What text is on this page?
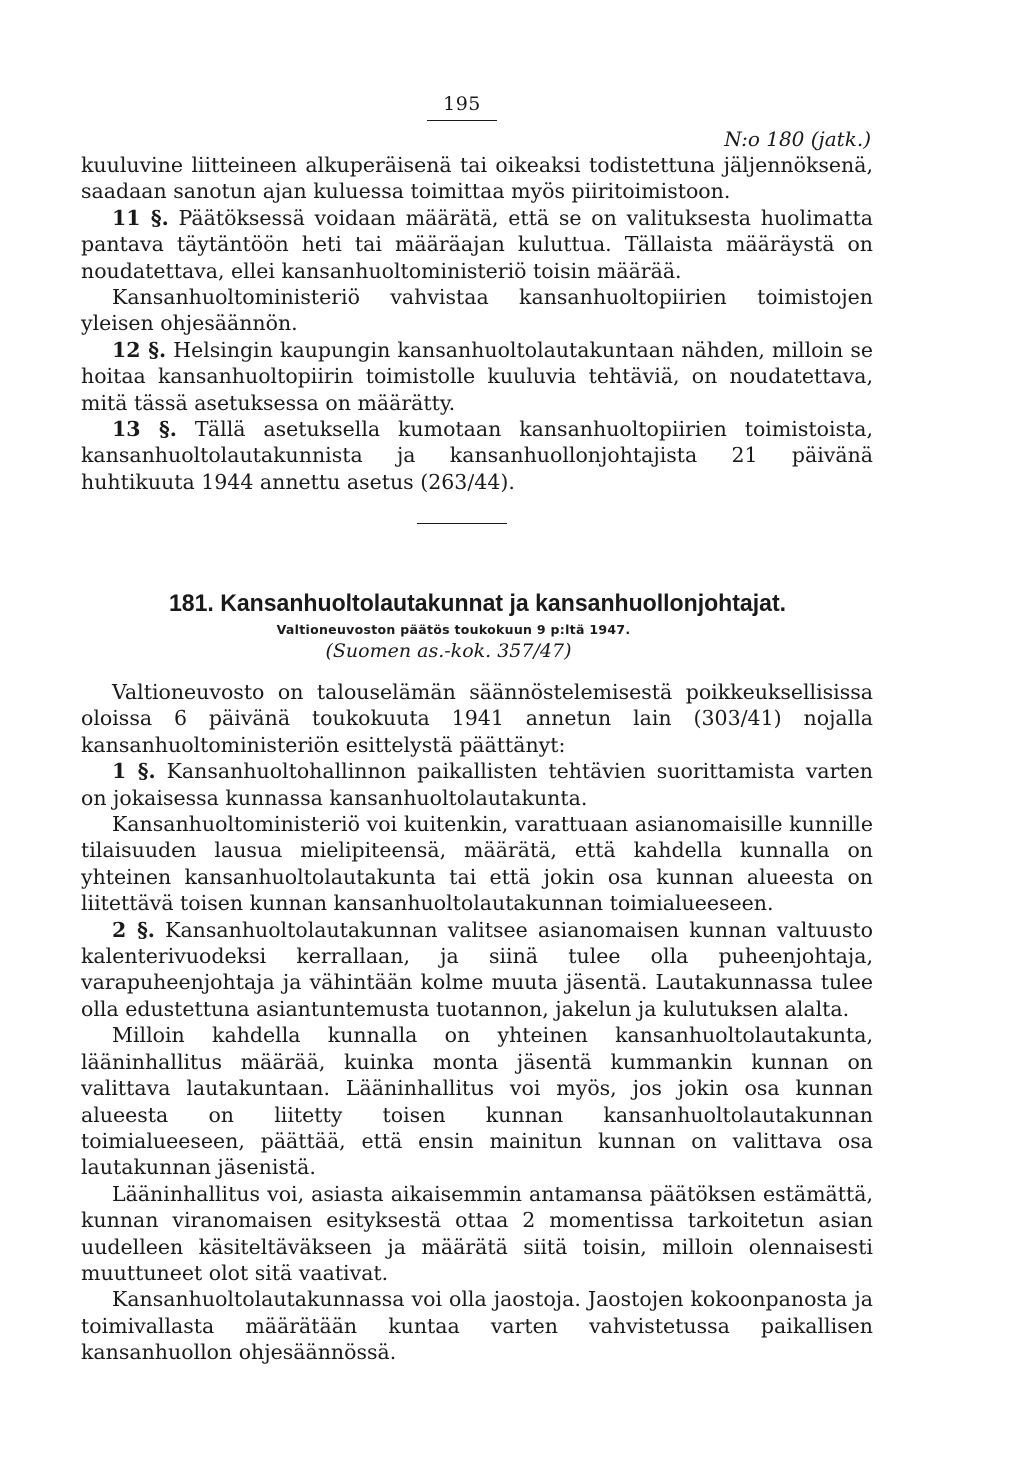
195
N:o 180 (jatk.)

kuuluvine liitteineen alkuperäisenä tai oikeaksi todistettuna jäljennöksenä, saadaan sanotun ajan kuluessa toimittaa myös piiritoimistoon.

11 §. Päätöksessä voidaan määrätä, että se on valituksesta huolimatta pantava täytäntöön heti tai määräajan kuluttua. Tällaista määräystä on noudatettava, ellei kansanhuoltoministeriö toisin määrää.

Kansanhuoltoministeriö vahvistaa kansanhuoltopiirien toimistojen yleisen ohjesäännön.

12 §. Helsingin kaupungin kansanhuoltolautakuntaan nähden, milloin se hoitaa kansanhuoltopiirin toimistolle kuuluvia tehtäviä, on noudatettava, mitä tässä asetuksessa on määrätty.

13 §. Tällä asetuksella kumotaan kansanhuoltopiirien toimistoista, kansanhuoltolautakunnista ja kansanhuollonjohtajista 21 päivänä huhtikuuta 1944 annettu asetus (263/44).

181. Kansanhuoltolautakunnat ja kansanhuollonjohtajat.
Valtioneuvoston päätös toukokuun 9 p:ltä 1947.
(Suomen as.-kok. 357/47)

Valtioneuvosto on talouselämän säännöstelemisestä poikkeuksellisissa oloissa 6 päivänä toukokuuta 1941 annetun lain (303/41) nojalla kansanhuoltoministeriön esittelystä päättänyt:

1 §. Kansanhuoltohallinnon paikallisten tehtävien suorittamista varten on jokaisessa kunnassa kansanhuoltolautakunta.

Kansanhuoltoministeriö voi kuitenkin, varattuaan asianomaisille kunnille tilaisuuden lausua mielipiteensä, määrätä, että kahdella kunnalla on yhteinen kansanhuoltolautakunta tai että jokin osa kunnan alueesta on liitettävä toisen kunnan kansanhuoltolautakunnan toimialueeseen.

2 §. Kansanhuoltolautakunnan valitsee asianomaisen kunnan valtuusto kalenterivuodeksi kerrallaan, ja siinä tulee olla puheenjohtaja, varapuheenjohtaja ja vähintään kolme muuta jäsentä. Lautakunnassa tulee olla edustettuna asiantuntemusta tuotannon, jakelun ja kulutuksen alalta.

Milloin kahdella kunnalla on yhteinen kansanhuoltolautakunta, lääninhallitus määrää, kuinka monta jäsentä kummankin kunnan on valittava lautakuntaan. Lääninhallitus voi myös, jos jokin osa kunnan alueesta on liitetty toisen kunnan kansanhuoltolautakunnan toimialueeseen, päättää, että ensin mainitun kunnan on valittava osa lautakunnan jäsenistä.

Lääninhallitus voi, asiasta aikaisemmin antamansa päätöksen estämättä, kunnan viranomaisen esityksestä ottaa 2 momentissa tarkoitetun asian uudelleen käsiteltäväkseen ja määrätä siitä toisin, milloin olennaisesti muuttuneet olot sitä vaativat.

Kansanhuoltolautakunnassa voi olla jaostoja. Jaostojen kokoonpanosta ja toimivallasta määrätään kuntaa varten vahvistetussa paikallisen kansanhuollon ohjesäännössä.
